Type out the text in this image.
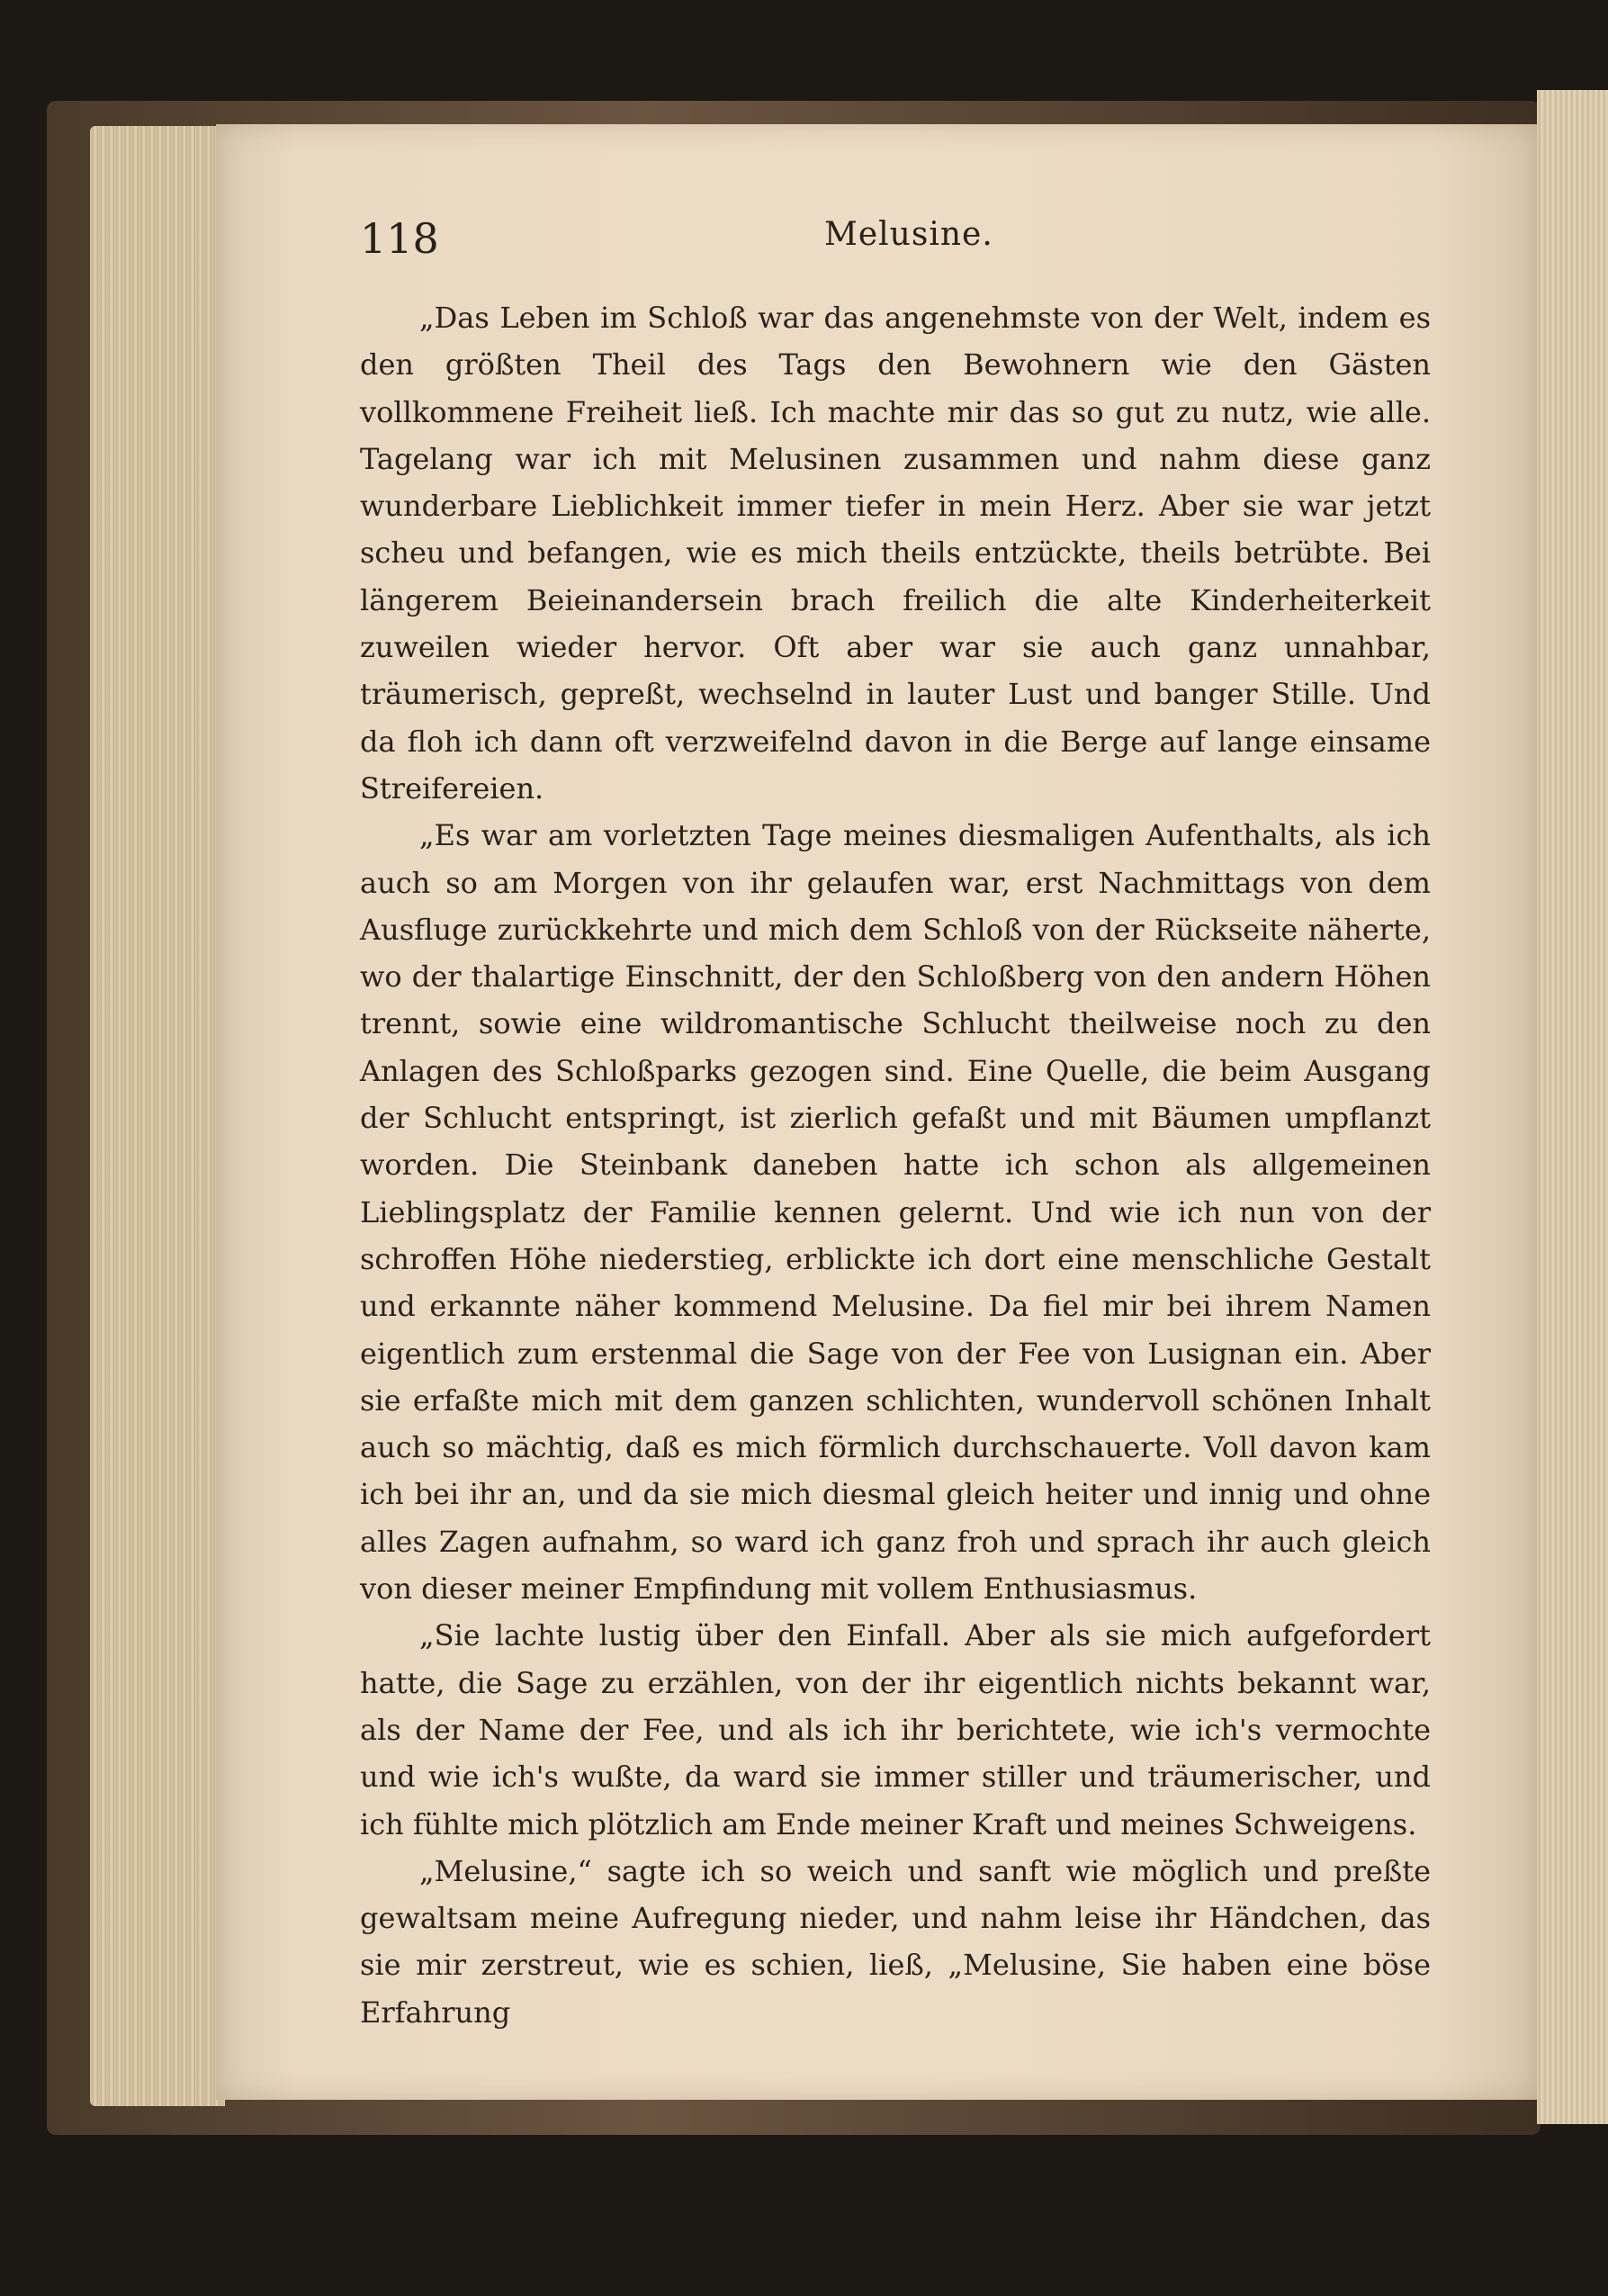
118	Melusine.

„Das Leben im Schloß war das angenehmste von der Welt, indem es den größten Theil des Tags den Bewohnern wie den Gästen vollkommene Freiheit ließ. Ich machte mir das so gut zu nutz, wie alle. Tagelang war ich mit Melusinen zusammen und nahm diese ganz wunderbare Lieblichkeit immer tiefer in mein Herz. Aber sie war jetzt scheu und befangen, wie es mich theils entzückte, theils betrübte. Bei längerem Beieinandersein brach freilich die alte Kinderheiterkeit zuweilen wieder hervor. Oft aber war sie auch ganz unnahbar, träumerisch, gepreßt, wechselnd in lauter Lust und banger Stille. Und da floh ich dann oft verzweifelnd davon in die Berge auf lange einsame Streifereien.

„Es war am vorletzten Tage meines diesmaligen Aufenthalts, als ich auch so am Morgen von ihr gelaufen war, erst Nachmittags von dem Ausfluge zurückkehrte und mich dem Schloß von der Rückseite näherte, wo der thalartige Einschnitt, der den Schloßberg von den andern Höhen trennt, sowie eine wildromantische Schlucht theilweise noch zu den Anlagen des Schloßparks gezogen sind. Eine Quelle, die beim Ausgang der Schlucht entspringt, ist zierlich gefaßt und mit Bäumen umpflanzt worden. Die Steinbank daneben hatte ich schon als allgemeinen Lieblingsplatz der Familie kennen gelernt. Und wie ich nun von der schroffen Höhe niederstieg, erblickte ich dort eine menschliche Gestalt und erkannte näher kommend Melusine. Da fiel mir bei ihrem Namen eigentlich zum erstenmal die Sage von der Fee von Lusignan ein. Aber sie erfaßte mich mit dem ganzen schlichten, wundervoll schönen Inhalt auch so mächtig, daß es mich förmlich durchschauerte. Voll davon kam ich bei ihr an, und da sie mich diesmal gleich heiter und innig und ohne alles Zagen aufnahm, so ward ich ganz froh und sprach ihr auch gleich von dieser meiner Empfindung mit vollem Enthusiasmus.

„Sie lachte lustig über den Einfall. Aber als sie mich aufgefordert hatte, die Sage zu erzählen, von der ihr eigentlich nichts bekannt war, als der Name der Fee, und als ich ihr berichtete, wie ich's vermochte und wie ich's wußte, da ward sie immer stiller und träumerischer, und ich fühlte mich plötzlich am Ende meiner Kraft und meines Schweigens.

„Melusine,“ sagte ich so weich und sanft wie möglich und preßte gewaltsam meine Aufregung nieder, und nahm leise ihr Händchen, das sie mir zerstreut, wie es schien, ließ, „Melusine, Sie haben eine böse Erfahrung
